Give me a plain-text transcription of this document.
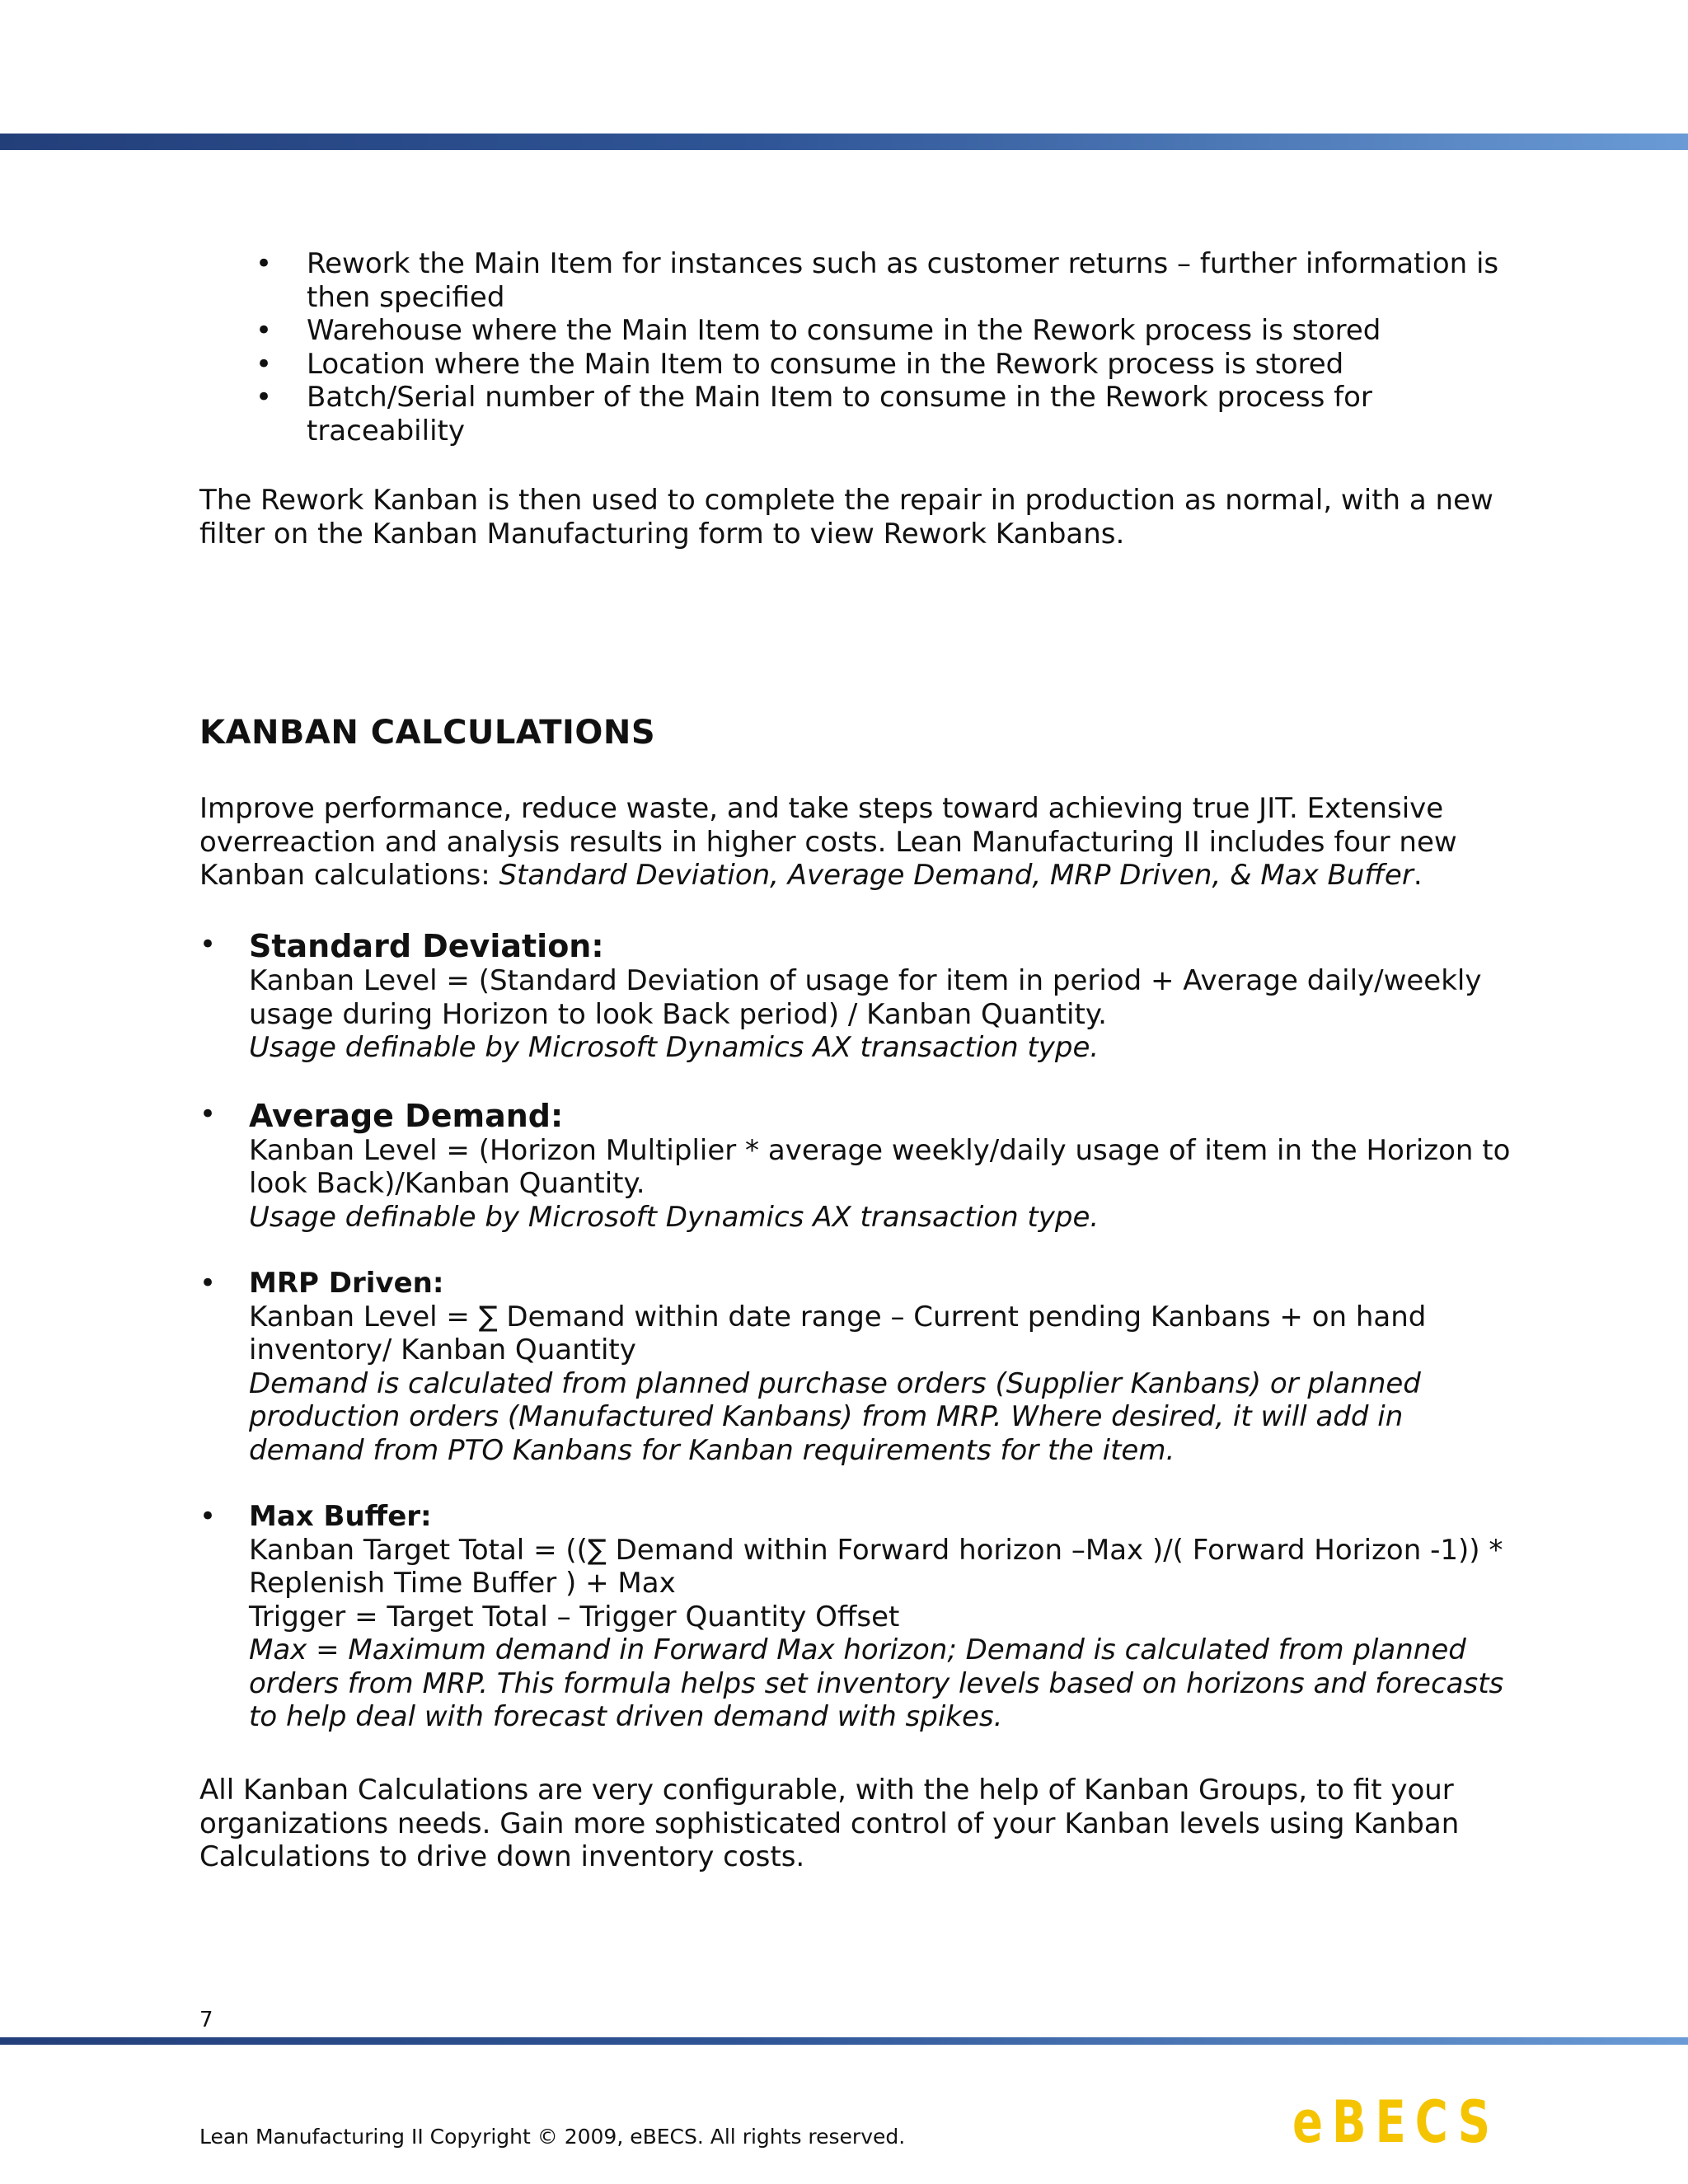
• Rework the Main Item for instances such as customer returns – further information is then specified
• Warehouse where the Main Item to consume in the Rework process is stored
• Location where the Main Item to consume in the Rework process is stored
• Batch/Serial number of the Main Item to consume in the Rework process for traceability

The Rework Kanban is then used to complete the repair in production as normal, with a new filter on the Kanban Manufacturing form to view Rework Kanbans.

KANBAN CALCULATIONS

Improve performance, reduce waste, and take steps toward achieving true JIT. Extensive overreaction and analysis results in higher costs. Lean Manufacturing II includes four new Kanban calculations: Standard Deviation, Average Demand, MRP Driven, & Max Buffer.

• Standard Deviation:
Kanban Level = (Standard Deviation of usage for item in period + Average daily/weekly usage during Horizon to look Back period) / Kanban Quantity.
Usage definable by Microsoft Dynamics AX transaction type.
• Average Demand:
Kanban Level = (Horizon Multiplier * average weekly/daily usage of item in the Horizon to look Back)/Kanban Quantity.
Usage definable by Microsoft Dynamics AX transaction type.
• MRP Driven:
Kanban Level = ∑ Demand within date range – Current pending Kanbans + on hand inventory/ Kanban Quantity
Demand is calculated from planned purchase orders (Supplier Kanbans) or planned production orders (Manufactured Kanbans) from MRP. Where desired, it will add in demand from PTO Kanbans for Kanban requirements for the item.
• Max Buffer:
Kanban Target Total = ((∑ Demand within Forward horizon –Max )/( Forward Horizon -1)) * Replenish Time Buffer ) + Max
Trigger = Target Total – Trigger Quantity Offset
Max = Maximum demand in Forward Max horizon; Demand is calculated from planned orders from MRP. This formula helps set inventory levels based on horizons and forecasts to help deal with forecast driven demand with spikes.

All Kanban Calculations are very configurable, with the help of Kanban Groups, to fit your organizations needs. Gain more sophisticated control of your Kanban levels using Kanban Calculations to drive down inventory costs.

7
Lean Manufacturing II Copyright © 2009, eBECS. All rights reserved.	eBECS
